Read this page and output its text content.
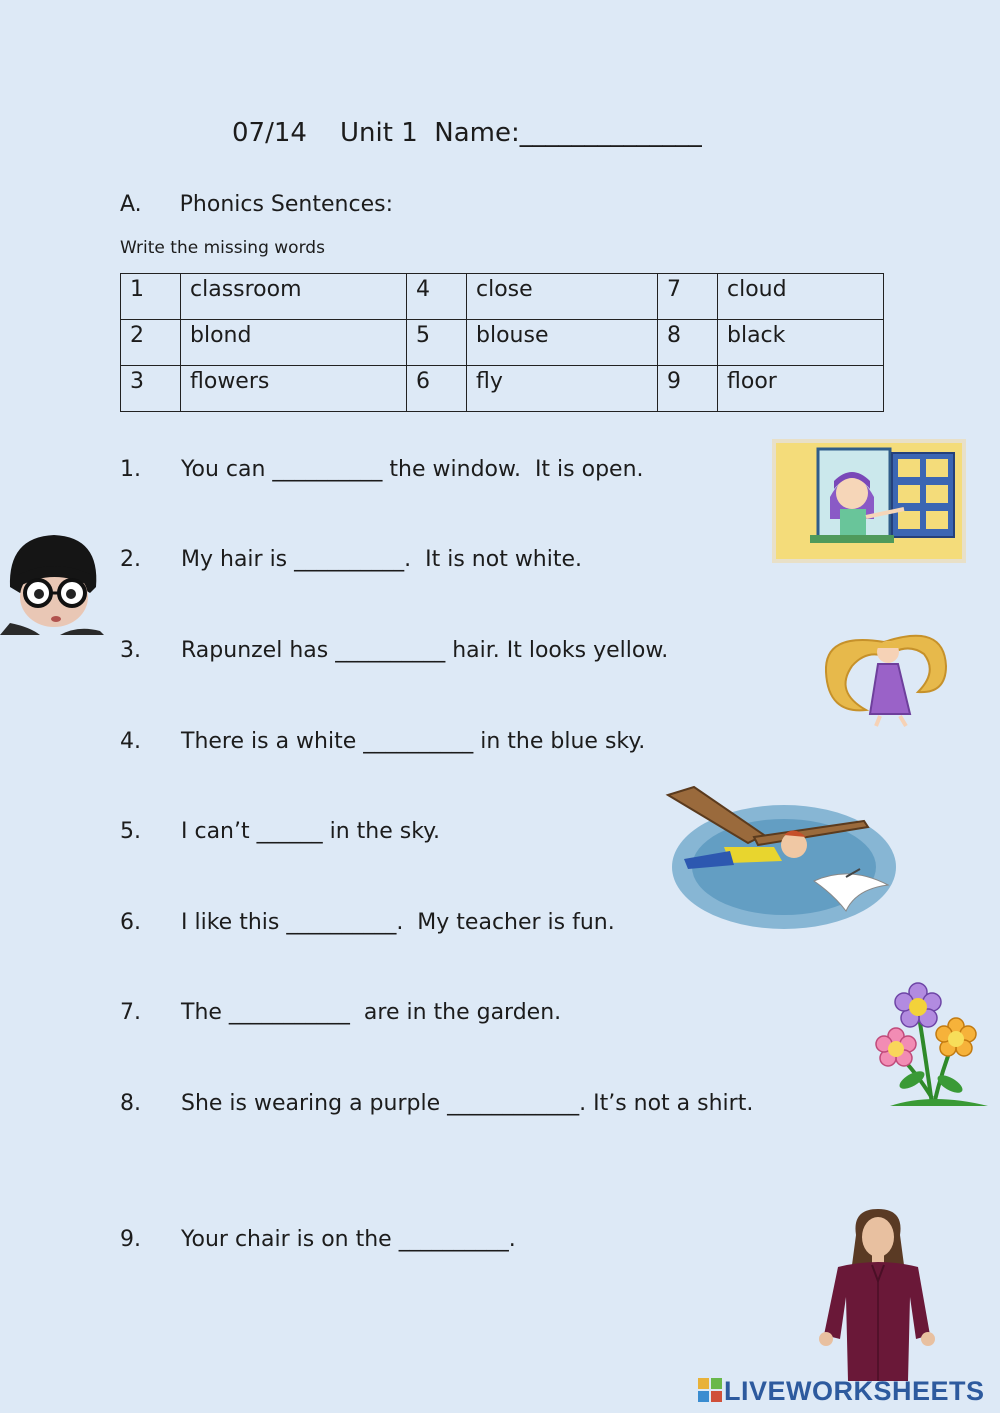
07/14 Unit 1 Name:______________
A. Phonics Sentences:
Write the missing words
1	classroom	4	close	7	cloud
2	blond	5	blouse	8	black
3	flowers	6	fly	9	floor
1.	You can __________ the window.  It is open.
2.	My hair is __________.  It is not white.
3.	Rapunzel has __________ hair. It looks yellow.
4.	There is a white __________ in the blue sky.
5.	I can’t ______ in the sky.
6.	I like this __________.  My teacher is fun.
7.	The ___________  are in the garden.
8.	She is wearing a purple ____________. It’s not a shirt.
9.	Your chair is on the __________.
LIVEWORKSHEETS
